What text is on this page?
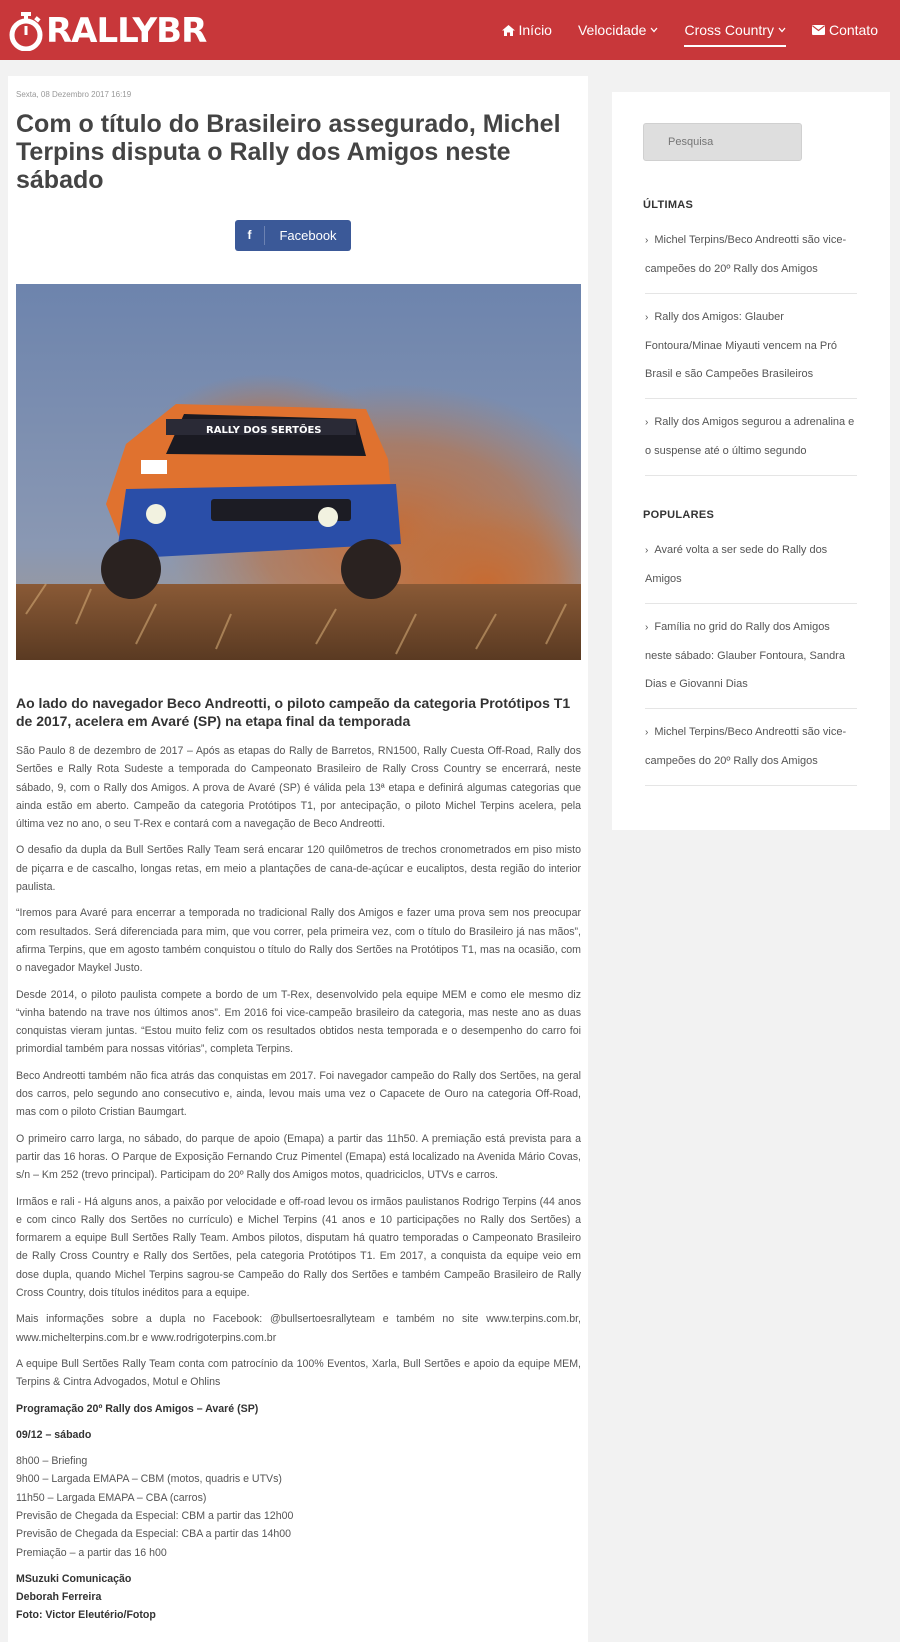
RALLYBR	Início Velocidade	Cross Country	Contato
Sexta, 08 Dezembro 2017 16:19
Com o título do Brasileiro assegurado, Michel Terpins disputa o Rally dos Amigos neste sábado
f	Facebook
RALLY DOS SERTÕES
Ao lado do navegador Beco Andreotti, o piloto campeão da categoria Protótipos T1 de 2017, acelera em Avaré (SP) na etapa final da temporada

São Paulo 8 de dezembro de 2017 – Após as etapas do Rally de Barretos, RN1500, Rally Cuesta Off-Road, Rally dos Sertões e Rally Rota Sudeste a temporada do Campeonato Brasileiro de Rally Cross Country se encerrará, neste sábado, 9, com o Rally dos Amigos. A prova de Avaré (SP) é válida pela 13ª etapa e definirá algumas categorias que ainda estão em aberto. Campeão da categoria Protótipos T1, por antecipação, o piloto Michel Terpins acelera, pela última vez no ano, o seu T-Rex e contará com a navegação de Beco Andreotti.

O desafio da dupla da Bull Sertões Rally Team será encarar 120 quilômetros de trechos cronometrados em piso misto de piçarra e de cascalho, longas retas, em meio a plantações de cana-de-açúcar e eucaliptos, desta região do interior paulista.

“Iremos para Avaré para encerrar a temporada no tradicional Rally dos Amigos e fazer uma prova sem nos preocupar com resultados. Será diferenciada para mim, que vou correr, pela primeira vez, com o título do Brasileiro já nas mãos”, afirma Terpins, que em agosto também conquistou o título do Rally dos Sertões na Protótipos T1, mas na ocasião, com o navegador Maykel Justo.

Desde 2014, o piloto paulista compete a bordo de um T-Rex, desenvolvido pela equipe MEM e como ele mesmo diz “vinha batendo na trave nos últimos anos”. Em 2016 foi vice-campeão brasileiro da categoria, mas neste ano as duas conquistas vieram juntas. “Estou muito feliz com os resultados obtidos nesta temporada e o desempenho do carro foi primordial também para nossas vitórias”, completa Terpins.

Beco Andreotti também não fica atrás das conquistas em 2017. Foi navegador campeão do Rally dos Sertões, na geral dos carros, pelo segundo ano consecutivo e, ainda, levou mais uma vez o Capacete de Ouro na categoria Off-Road, mas com o piloto Cristian Baumgart.

O primeiro carro larga, no sábado, do parque de apoio (Emapa) a partir das 11h50. A premiação está prevista para a partir das 16 horas. O Parque de Exposição Fernando Cruz Pimentel (Emapa) está localizado na Avenida Mário Covas, s/n – Km 252 (trevo principal). Participam do 20º Rally dos Amigos motos, quadriciclos, UTVs e carros.

Irmãos e rali - Há alguns anos, a paixão por velocidade e off-road levou os irmãos paulistanos Rodrigo Terpins (44 anos e com cinco Rally dos Sertões no currículo) e Michel Terpins (41 anos e 10 participações no Rally dos Sertões) a formarem a equipe Bull Sertões Rally Team. Ambos pilotos, disputam há quatro temporadas o Campeonato Brasileiro de Rally Cross Country e Rally dos Sertões, pela categoria Protótipos T1. Em 2017, a conquista da equipe veio em dose dupla, quando Michel Terpins sagrou-se Campeão do Rally dos Sertões e também Campeão Brasileiro de Rally Cross Country, dois títulos inéditos para a equipe.

Mais informações sobre a dupla no Facebook: @bullsertoesrallyteam e também no site www.terpins.com.br, www.michelterpins.com.br e www.rodrigoterpins.com.br

A equipe Bull Sertões Rally Team conta com patrocínio da 100% Eventos, Xarla, Bull Sertões e apoio da equipe MEM, Terpins & Cintra Advogados, Motul e Ohlins

Programação 20º Rally dos Amigos – Avaré (SP)

09/12 – sábado

8h00 – Briefing
9h00 – Largada EMAPA – CBM (motos, quadris e UTVs)
11h50 – Largada EMAPA – CBA (carros)
Previsão de Chegada da Especial: CBM a partir das 12h00
Previsão de Chegada da Especial: CBA a partir das 14h00
Premiação – a partir das 16 h00

MSuzuki Comunicação
Deborah Ferreira
Foto: Victor Eleutério/Fotop

Pesquisa
ÚLTIMAS
› Michel Terpins/Beco Andreotti são vice-campeões do 20º Rally dos Amigos
› Rally dos Amigos: Glauber Fontoura/Minae Miyauti vencem na Pró Brasil e são Campeões Brasileiros
› Rally dos Amigos segurou a adrenalina e o suspense até o último segundo
POPULARES
› Avaré volta a ser sede do Rally dos Amigos
› Família no grid do Rally dos Amigos neste sábado: Glauber Fontoura, Sandra Dias e Giovanni Dias
› Michel Terpins/Beco Andreotti são vice-campeões do 20º Rally dos Amigos
